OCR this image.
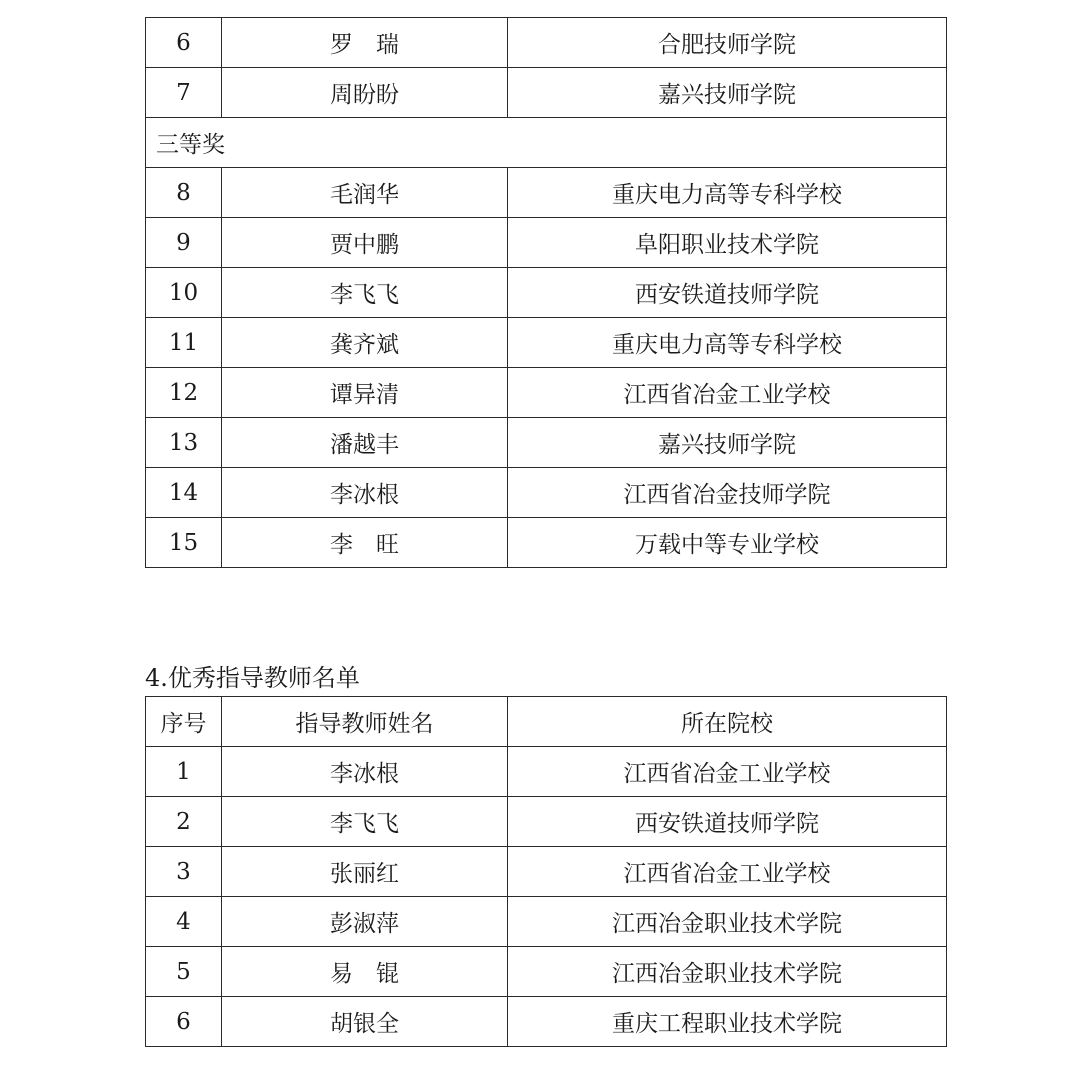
6	罗　瑞	合肥技师学院
7	周盼盼	嘉兴技师学院
三等奖		
8	毛润华	重庆电力高等专科学校
9	贾中鹏	阜阳职业技术学院
10	李飞飞	西安铁道技师学院
11	龚齐斌	重庆电力高等专科学校
12	谭异清	江西省冶金工业学校
13	潘越丰	嘉兴技师学院
14	李冰根	江西省冶金技师学院
15	李　旺	万载中等专业学校
4.优秀指导教师名单
序号	指导教师姓名	所在院校
1	李冰根	江西省冶金工业学校
2	李飞飞	西安铁道技师学院
3	张丽红	江西省冶金工业学校
4	彭淑萍	江西冶金职业技术学院
5	易　锟	江西冶金职业技术学院
6	胡银全	重庆工程职业技术学院
